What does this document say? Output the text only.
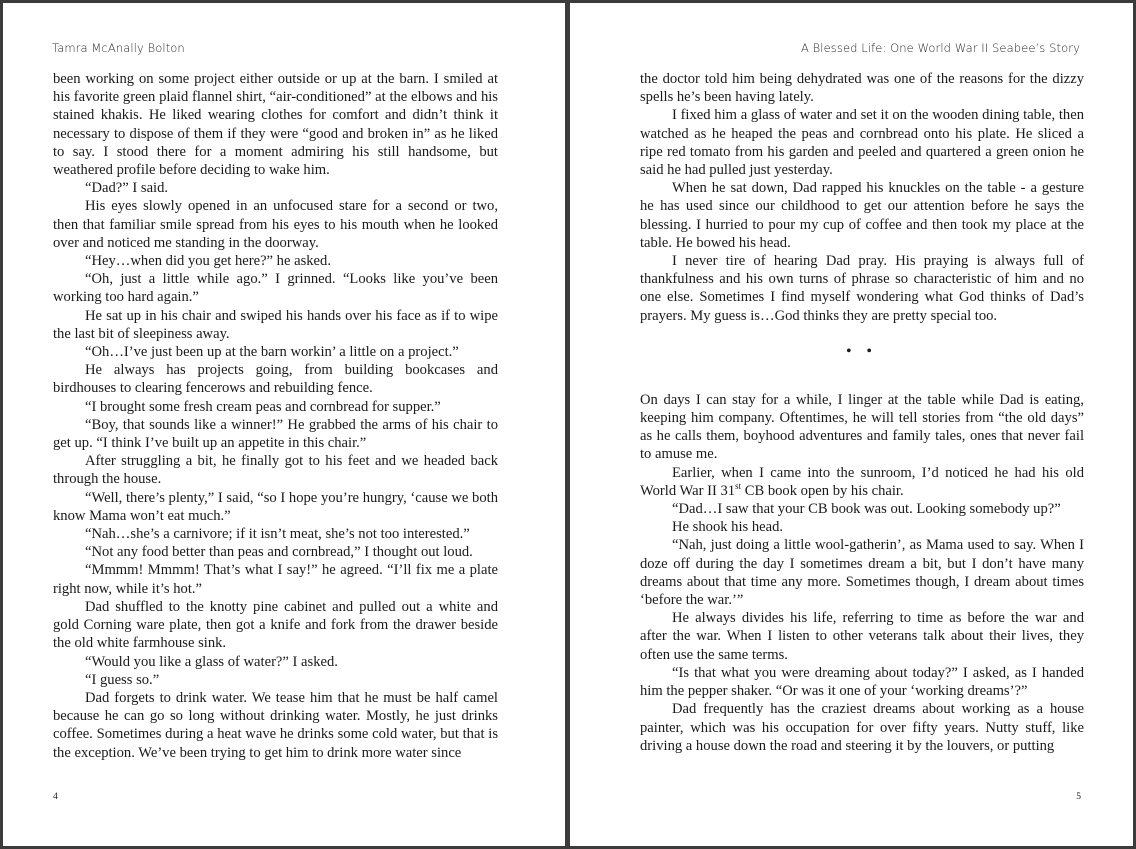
Tamra McAnally Bolton

been working on some project either outside or up at the barn. I smiled at his favorite green plaid flannel shirt, “air-conditioned” at the elbows and his stained khakis. He liked wearing clothes for comfort and didn’t think it necessary to dispose of them if they were “good and broken in” as he liked to say. I stood there for a moment admiring his still handsome, but weathered profile before deciding to wake him.

“Dad?” I said.

His eyes slowly opened in an unfocused stare for a second or two, then that familiar smile spread from his eyes to his mouth when he looked over and noticed me standing in the doorway.

“Hey…when did you get here?” he asked.

“Oh, just a little while ago.” I grinned. “Looks like you’ve been working too hard again.”

He sat up in his chair and swiped his hands over his face as if to wipe the last bit of sleepiness away.

“Oh…I’ve just been up at the barn workin’ a little on a project.”

He always has projects going, from building bookcases and birdhouses to clearing fencerows and rebuilding fence.

“I brought some fresh cream peas and cornbread for supper.”

“Boy, that sounds like a winner!” He grabbed the arms of his chair to get up. “I think I’ve built up an appetite in this chair.”

After struggling a bit, he finally got to his feet and we headed back through the house.

“Well, there’s plenty,” I said, “so I hope you’re hungry, ‘cause we both know Mama won’t eat much.”

“Nah…she’s a carnivore; if it isn’t meat, she’s not too interested.”

“Not any food better than peas and cornbread,” I thought out loud.

“Mmmm! Mmmm! That’s what I say!” he agreed. “I’ll fix me a plate right now, while it’s hot.”

Dad shuffled to the knotty pine cabinet and pulled out a white and gold Corning ware plate, then got a knife and fork from the drawer beside the old white farmhouse sink.

“Would you like a glass of water?” I asked.

“I guess so.”

Dad forgets to drink water. We tease him that he must be half camel because he can go so long without drinking water. Mostly, he just drinks coffee. Sometimes during a heat wave he drinks some cold water, but that is the exception. We’ve been trying to get him to drink more water since

4
A Blessed Life: One World War II Seabee’s Story

the doctor told him being dehydrated was one of the reasons for the dizzy spells he’s been having lately.

I fixed him a glass of water and set it on the wooden dining table, then watched as he heaped the peas and cornbread onto his plate. He sliced a ripe red tomato from his garden and peeled and quartered a green onion he said he had pulled just yesterday.

When he sat down, Dad rapped his knuckles on the table - a gesture he has used since our childhood to get our attention before he says the blessing. I hurried to pour my cup of coffee and then took my place at the table. He bowed his head.

I never tire of hearing Dad pray. His praying is always full of thankfulness and his own turns of phrase so characteristic of him and no one else. Sometimes I find myself wondering what God thinks of Dad’s prayers. My guess is…God thinks they are pretty special too.

• •

On days I can stay for a while, I linger at the table while Dad is eating, keeping him company. Oftentimes, he will tell stories from “the old days” as he calls them, boyhood adventures and family tales, ones that never fail to amuse me.

Earlier, when I came into the sunroom, I’d noticed he had his old World War II 31st CB book open by his chair.

“Dad…I saw that your CB book was out. Looking somebody up?”

He shook his head.

“Nah, just doing a little wool-gatherin’, as Mama used to say. When I doze off during the day I sometimes dream a bit, but I don’t have many dreams about that time any more. Sometimes though, I dream about times ‘before the war.’”

He always divides his life, referring to time as before the war and after the war. When I listen to other veterans talk about their lives, they often use the same terms.

“Is that what you were dreaming about today?” I asked, as I handed him the pepper shaker. “Or was it one of your ‘working dreams’?”

Dad frequently has the craziest dreams about working as a house painter, which was his occupation for over fifty years. Nutty stuff, like driving a house down the road and steering it by the louvers, or putting

5
